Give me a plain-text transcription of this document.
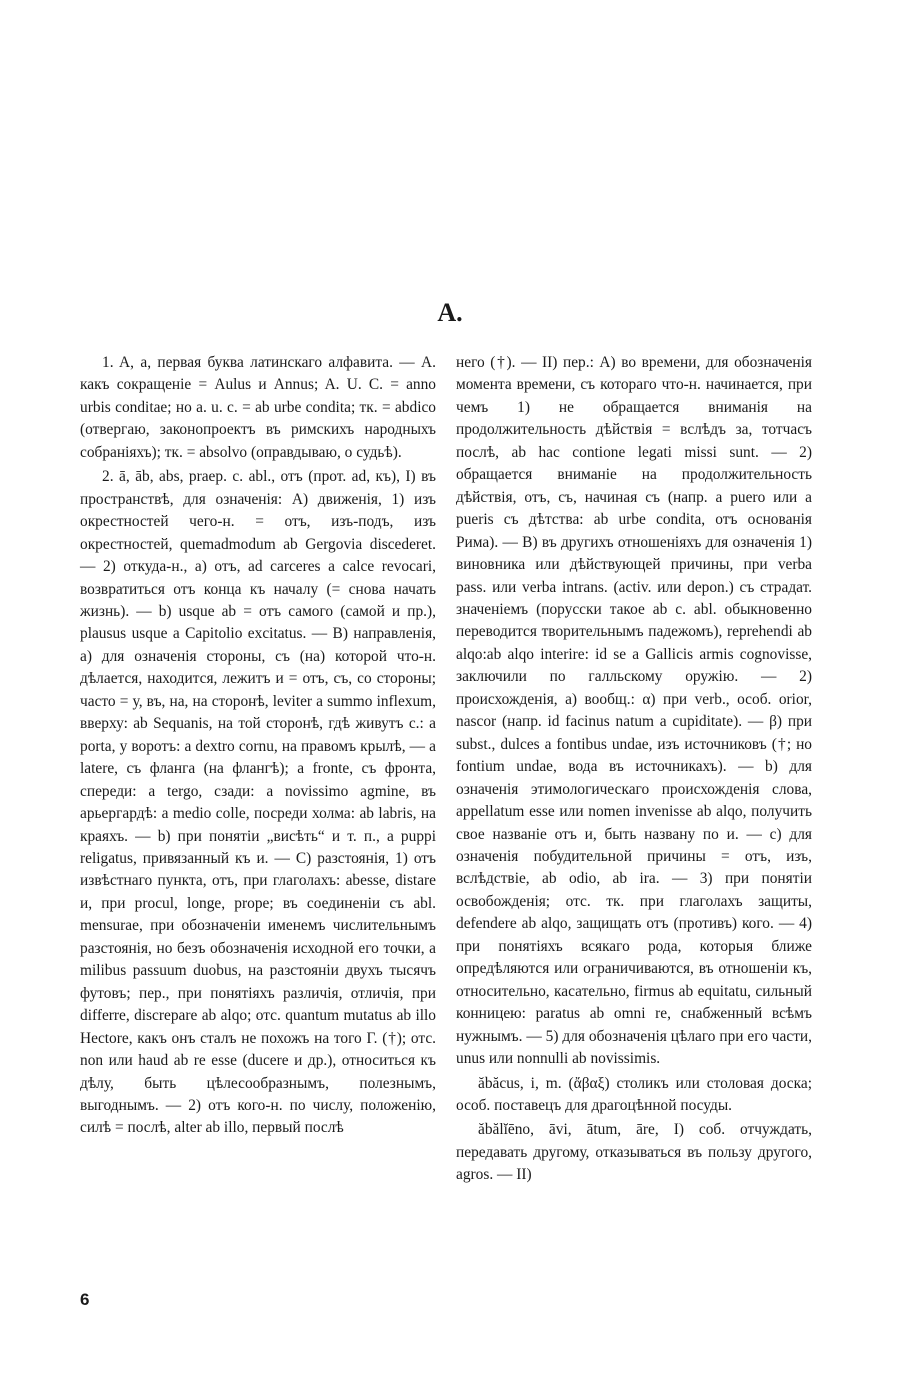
А.

1. A, a, первая буква латинскаго алфавита. — А. какъ сокращеніе = Aulus и Annus; A. U. C. = anno urbis conditae; но a. u. c. = ab urbe condita; тк. = abdico (отвергаю, законопроектъ въ римскихъ народныхъ собраніяхъ); тк. = absolvo (оправдываю, о судьѣ).

2. ā, āb, abs, praep. c. abl., отъ (прот. ad, къ), I) въ пространствѣ, для означенія: A) движенія, 1) изъ окрестностей чего-н. = отъ, изъ-подъ, изъ окрестностей, quemadmodum ab Gergovia discederet. — 2) откуда-н., a) отъ, ad carceres a calce revocari, возвратиться отъ конца къ началу (= снова начать жизнь). — b) usque ab = отъ самого (самой и пр.), plausus usque a Capitolio excitatus. — B) направленія, a) для означенія стороны, съ (на) которой что-н. дѣлается, находится, лежитъ и = отъ, съ, со стороны; часто = у, въ, на, на сторонѣ, leviter a summo inflexum, вверху: ab Sequanis, на той сторонѣ, гдѣ живутъ с.: a porta, у воротъ: a dextro cornu, на правомъ крылѣ, — a latere, съ фланга (на флангѣ); a fronte, съ фронта, спереди: a tergo, сзади: a novissimo agmine, въ арьергардѣ: a medio colle, посреди холма: ab labris, на краяхъ. — b) при понятіи „висѣть“ и т. п., a puppi religatus, привязанный къ и. — C) разстоянія, 1) отъ извѣстнаго пункта, отъ, при глаголахъ: abesse, distare и, при procul, longe, prope; въ соединеніи съ abl. mensurae, при обозначеніи именемъ числительнымъ разстоянія, но безъ обозначенія исходной его точки, a milibus passuum duobus, на разстояніи двухъ тысячъ футовъ; пер., при понятіяхъ различія, отличія, при differre, discrepare ab alqo; отс. quantum mutatus ab illo Hectore, какъ онъ сталъ не похожъ на того Г. (†); отс. non или haud ab re esse (ducere и др.), относиться къ дѣлу, быть цѣлесообразнымъ, полезнымъ, выгоднымъ. — 2) отъ кого-н. по числу, положенію, силѣ = послѣ, alter ab illo, первый послѣ

него (†). — II) пер.: A) во времени, для обозначенія момента времени, съ котораго что-н. начинается, при чемъ 1) не обращается вниманія на продолжительность дѣйствія = вслѣдъ за, тотчасъ послѣ, ab hac contione legati missi sunt. — 2) обращается вниманіе на продолжительность дѣйствія, отъ, съ, начиная съ (напр. a puero или a pueris съ дѣтства: ab urbe condita, отъ основанія Рима). — B) въ другихъ отношеніяхъ для означенія 1) виновника или дѣйствующей причины, при verba pass. или verba intrans. (activ. или depon.) съ страдат. значеніемъ (порусски такое ab c. abl. обыкновенно переводится творительнымъ падежомъ), reprehendi ab alqo:ab alqo interire: id se a Gallicis armis cognovisse, заключили по галльскому оружію. — 2) происхожденія, a) вообщ.: α) при verb., особ. orior, nascor (напр. id facinus natum a cupiditate). — β) при subst., dulces a fontibus undae, изъ источниковъ (†; но fontium undae, вода въ источникахъ). — b) для означенія этимологическаго происхожденія слова, appellatum esse или nomen invenisse ab alqo, получить свое названіе отъ и, быть названу по и. — c) для означенія побудительной причины = отъ, изъ, вслѣдствіе, ab odio, ab ira. — 3) при понятіи освобожденія; отс. тк. при глаголахъ защиты, defendere ab alqo, защищать отъ (противъ) кого. — 4) при понятіяхъ всякаго рода, которыя ближе опредѣляются или ограничиваются, въ отношеніи къ, относительно, касательно, firmus ab equitatu, сильный конницею: paratus ab omni re, снабженный всѣмъ нужнымъ. — 5) для обозначенія цѣлаго при его части, unus или nonnulli ab novissimis.

ăbăcus, i, m. (ἄβαξ) столикъ или столовая доска; особ. поставецъ для драгоцѣнной посуды.

ăbălĭēno, āvi, ātum, āre, I) соб. отчуждать, передавать другому, отказываться въ пользу другого, agros. — II)

6
